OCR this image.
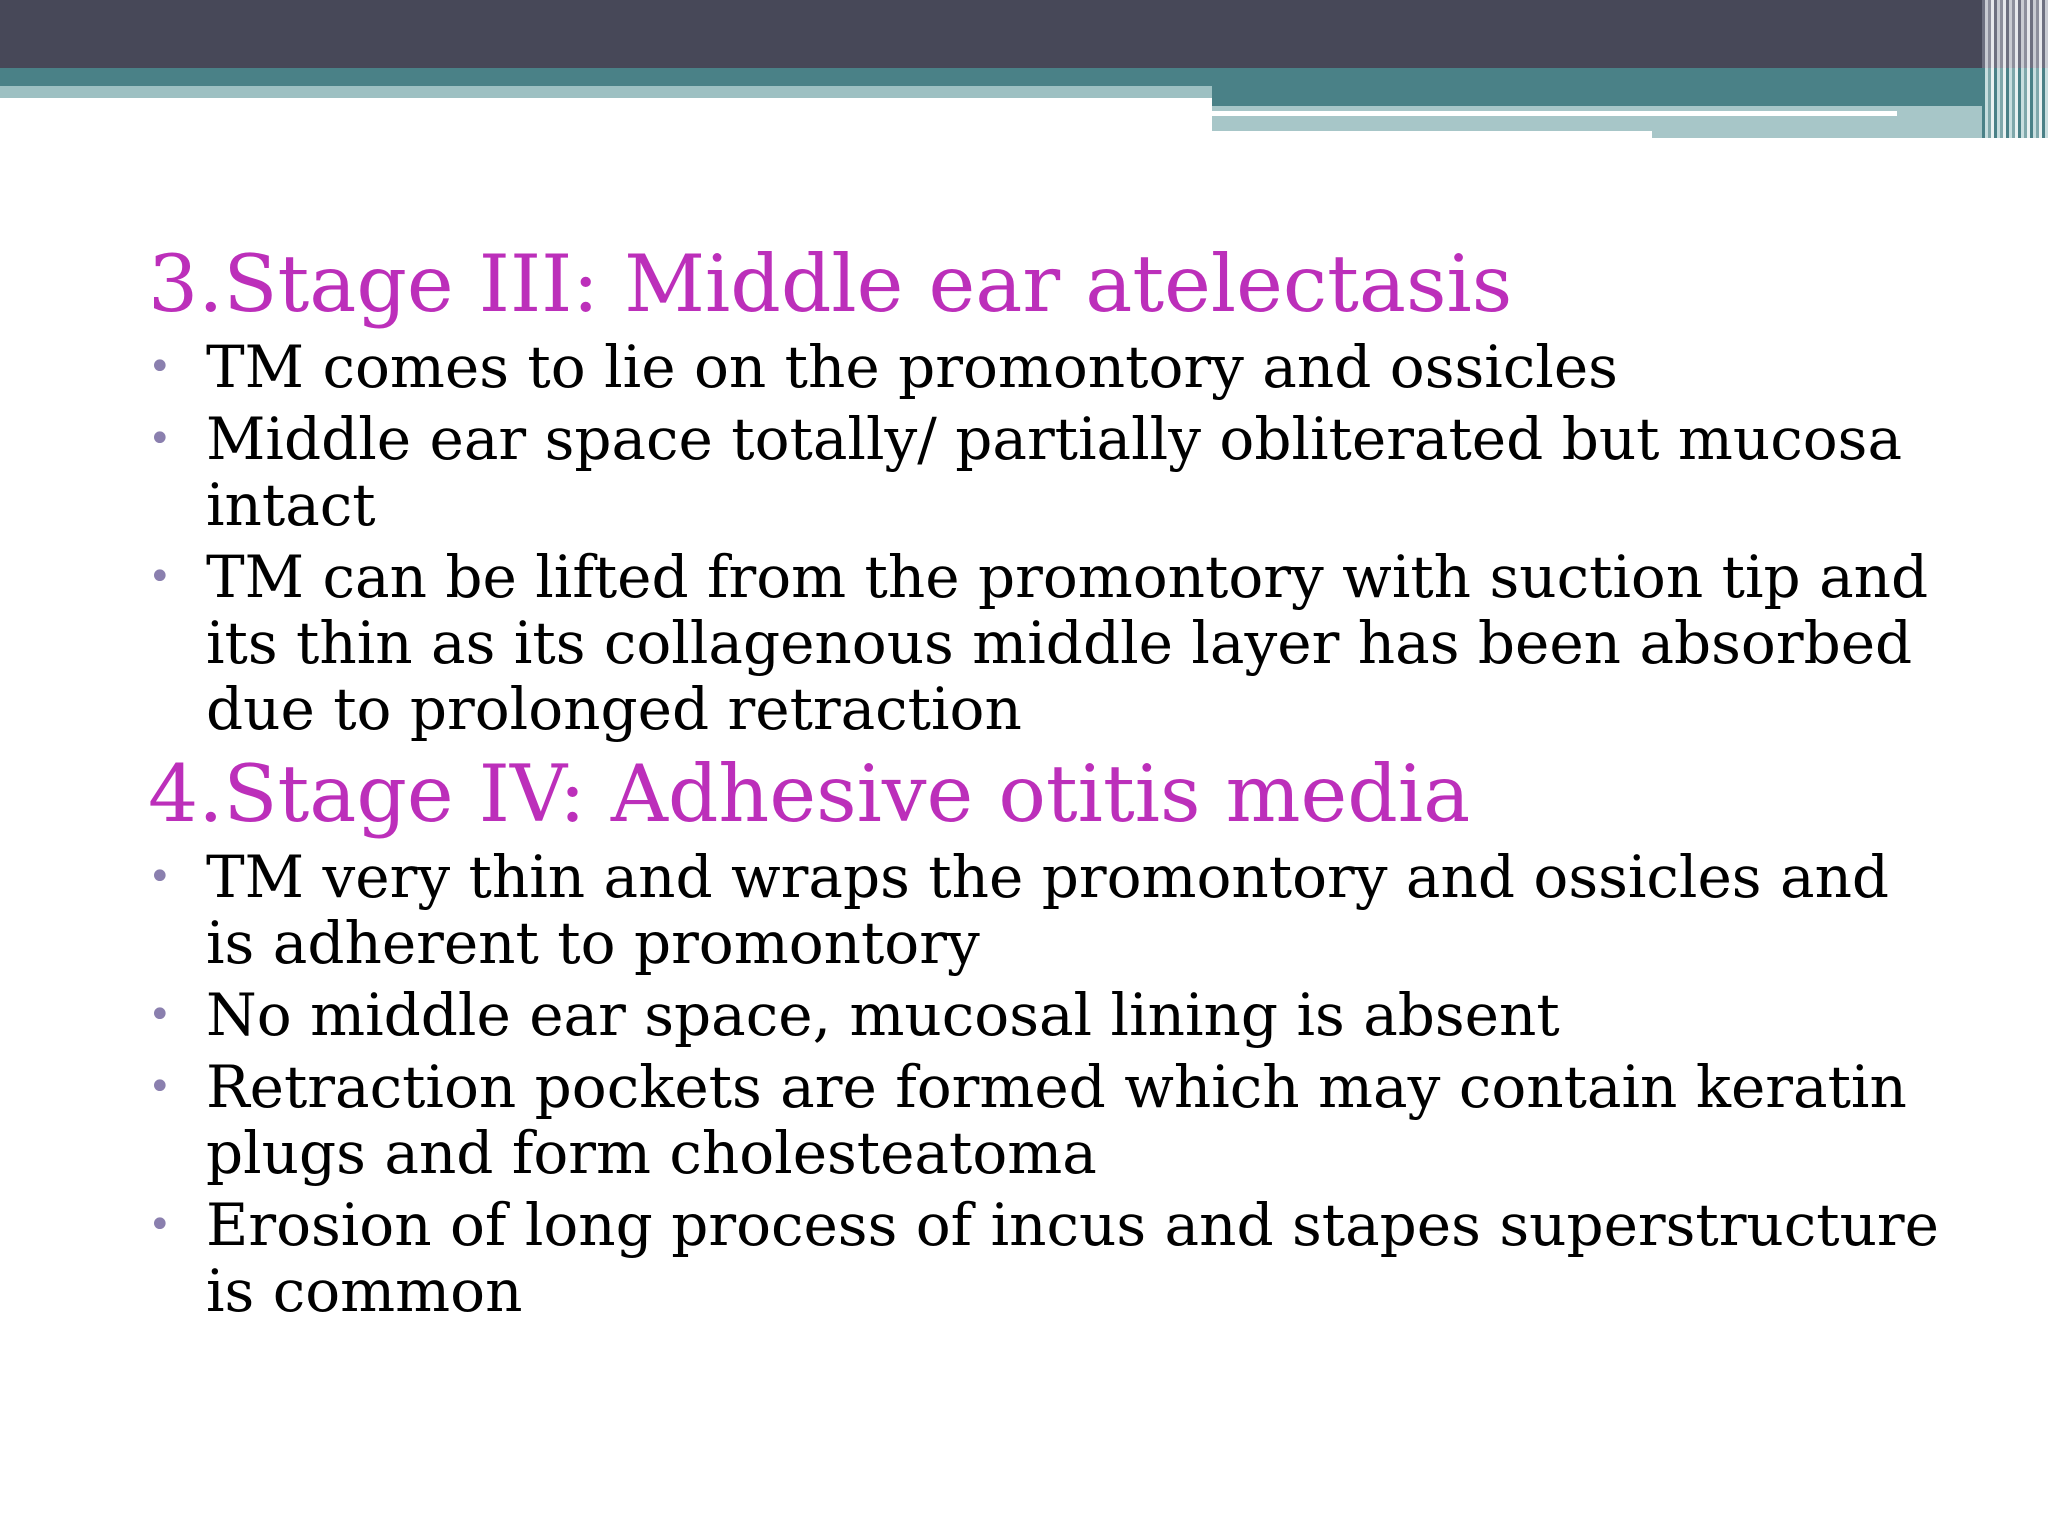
3.Stage III: Middle ear atelectasis
• TM comes to lie on the promontory and ossicles
• Middle ear space totally/ partially obliterated but mucosa intact
• TM can be lifted from the promontory with suction tip and its thin as its collagenous middle layer has been absorbed due to prolonged retraction
4.Stage IV: Adhesive otitis media
• TM very thin and wraps the promontory and ossicles and is adherent to promontory
• No middle ear space, mucosal lining is absent
• Retraction pockets are formed which may contain keratin plugs and form cholesteatoma
• Erosion of long process of incus and stapes superstructure is common
